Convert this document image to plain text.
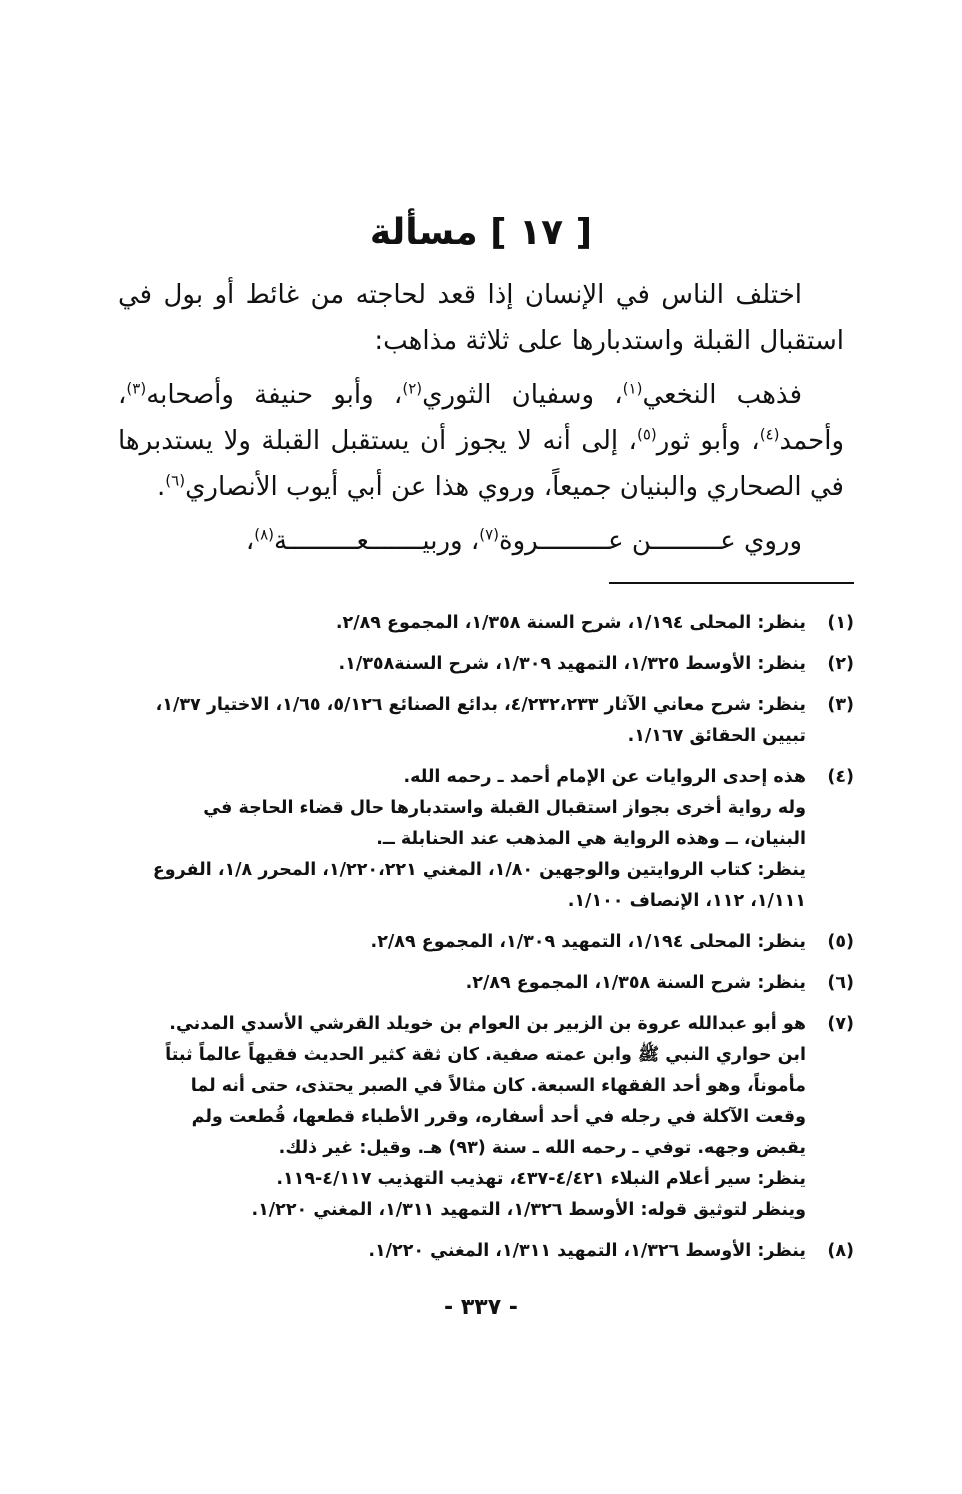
[ ١٧ ] مسألة

اختلف الناس في الإنسان إذا قعد لحاجته من غائط أو بول في استقبال القبلة واستدبارها على ثلاثة مذاهب:

فذهب النخعي$^{(١)}$، وسفيان الثوري$^{(٢)}$، وأبو حنيفة وأصحابه$^{(٣)}$، وأحمد$^{(٤)}$، وأبو ثور$^{(٥)}$، إلى أنه لا يجوز أن يستقبل القبلة ولا يستدبرها في الصحاري والبنيان جميعاً، وروي هذا عن أبي أيوب الأنصاري$^{(٦)}$.

وروي عـــــــــن عـــــــــروة$^{(٧)}$، وربيـــــــعـــــــــة$^{(٨)}$،

(١)
ينظر: المحلى ١/١٩٤، شرح السنة ١/٣٥٨، المجموع ٢/٨٩.
(٢)
ينظر: الأوسط ١/٣٢٥، التمهيد ١/٣٠٩، شرح السنة١/٣٥٨.
(٣)
ينظر: شرح معاني الآثار ٤/٢٣٢،٢٣٣، بدائع الصنائع ٥/١٢٦، ١/٦٥، الاختيار ١/٣٧، تبيين الحقائق ١/١٦٧.
(٤)
هذه إحدى الروايات عن الإمام أحمد ـ رحمه الله.
وله رواية أخرى بجواز استقبال القبلة واستدبارها حال قضاء الحاجة في البنيان، ــ وهذه الرواية هي المذهب عند الحنابلة ــ.
ينظر: كتاب الروايتين والوجهين ١/٨٠، المغني ١/٢٢٠،٢٢١، المحرر ١/٨، الفروع ١/١١١، ١١٢، الإنصاف ١/١٠٠.
(٥)
ينظر: المحلى ١/١٩٤، التمهيد ١/٣٠٩، المجموع ٢/٨٩.
(٦)
ينظر: شرح السنة ١/٣٥٨، المجموع ٢/٨٩.
(٧)
هو أبو عبدالله عروة بن الزبير بن العوام بن خويلد القرشي الأسدي المدني. ابن حواري النبي ﷺ وابن عمته صفية. كان ثقة كثير الحديث فقيهاً عالماً ثبتاً مأموناً، وهو أحد الفقهاء السبعة. كان مثالاً في الصبر يحتذى، حتى أنه لما وقعت الآكلة في رجله في أحد أسفاره، وقرر الأطباء قطعها، قُطعت ولم يقبض وجهه. توفي ـ رحمه الله ـ سنة (٩٣) هـ. وقيل: غير ذلك.
ينظر: سير أعلام النبلاء ٤/٤٢١-٤٣٧، تهذيب التهذيب ٤/١١٧-١١٩.
وينظر لتوثيق قوله: الأوسط ١/٣٢٦، التمهيد ١/٣١١، المغني ١/٢٢٠.
(٨)
ينظر: الأوسط ١/٣٢٦، التمهيد ١/٣١١، المغني ١/٢٢٠.
- ٣٣٧ -
